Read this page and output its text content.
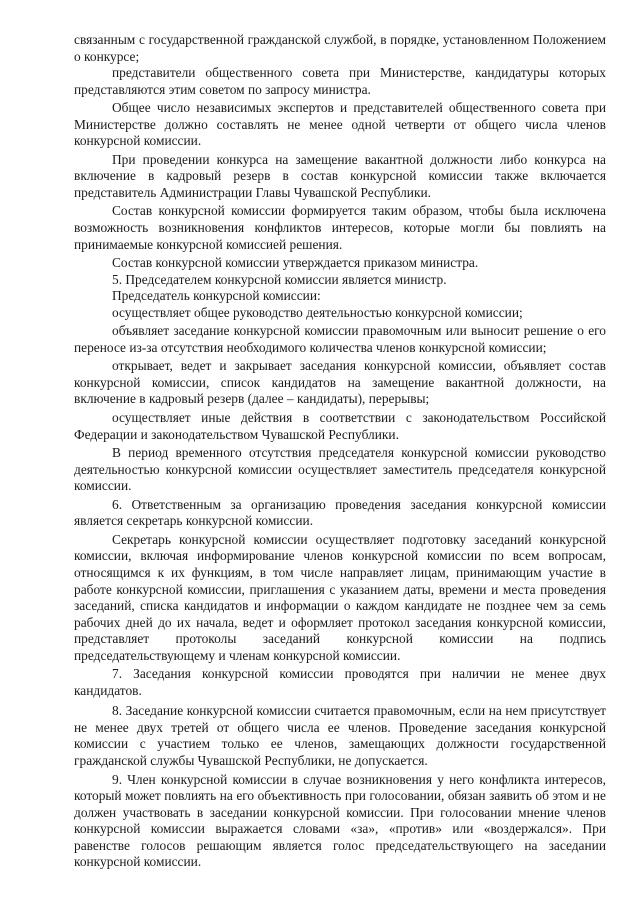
связанным с государственной гражданской службой, в порядке, установленном Положением о конкурсе;

представители общественного совета при Министерстве, кандидатуры которых представляются этим советом по запросу министра.

Общее число независимых экспертов и представителей общественного совета при Министерстве должно составлять не менее одной четверти от общего числа членов конкурсной комиссии.

При проведении конкурса на замещение вакантной должности либо конкурса на включение в кадровый резерв в состав конкурсной комиссии также включается представитель Администрации Главы Чувашской Республики.

Состав конкурсной комиссии формируется таким образом, чтобы была исключена возможность возникновения конфликтов интересов, которые могли бы повлиять на принимаемые конкурсной комиссией решения.

Состав конкурсной комиссии утверждается приказом министра.

5. Председателем конкурсной комиссии является министр.

Председатель конкурсной комиссии:

осуществляет общее руководство деятельностью конкурсной комиссии;

объявляет заседание конкурсной комиссии правомочным или выносит решение о его переносе из-за отсутствия необходимого количества членов конкурсной комиссии;

открывает, ведет и закрывает заседания конкурсной комиссии, объявляет состав конкурсной комиссии, список кандидатов на замещение вакантной должности, на включение в кадровый резерв (далее – кандидаты), перерывы;

осуществляет иные действия в соответствии с законодательством Российской Федерации и законодательством Чувашской Республики.

В период временного отсутствия председателя конкурсной комиссии руководство деятельностью конкурсной комиссии осуществляет заместитель председателя конкурсной комиссии.

6. Ответственным за организацию проведения заседания конкурсной комиссии является секретарь конкурсной комиссии.

Секретарь конкурсной комиссии осуществляет подготовку заседаний конкурсной комиссии, включая информирование членов конкурсной комиссии по всем вопросам, относящимся к их функциям, в том числе направляет лицам, принимающим участие в работе конкурсной комиссии, приглашения с указанием даты, времени и места проведения заседаний, списка кандидатов и информации о каждом кандидате не позднее чем за семь рабочих дней до их начала, ведет и оформляет протокол заседания конкурсной комиссии, представляет протоколы заседаний конкурсной комиссии на подпись председательствующему и членам конкурсной комиссии.

7. Заседания конкурсной комиссии проводятся при наличии не менее двух кандидатов.

8. Заседание конкурсной комиссии считается правомочным, если на нем присутствует не менее двух третей от общего числа ее членов. Проведение заседания конкурсной комиссии с участием только ее членов, замещающих должности государственной гражданской службы Чувашской Республики, не допускается.

9. Член конкурсной комиссии в случае возникновения у него конфликта интересов, который может повлиять на его объективность при голосовании, обязан заявить об этом и не должен участвовать в заседании конкурсной комиссии. При голосовании мнение членов конкурсной комиссии выражается словами «за», «против» или «воздержался». При равенстве голосов решающим является голос председательствующего на заседании конкурсной комиссии.
